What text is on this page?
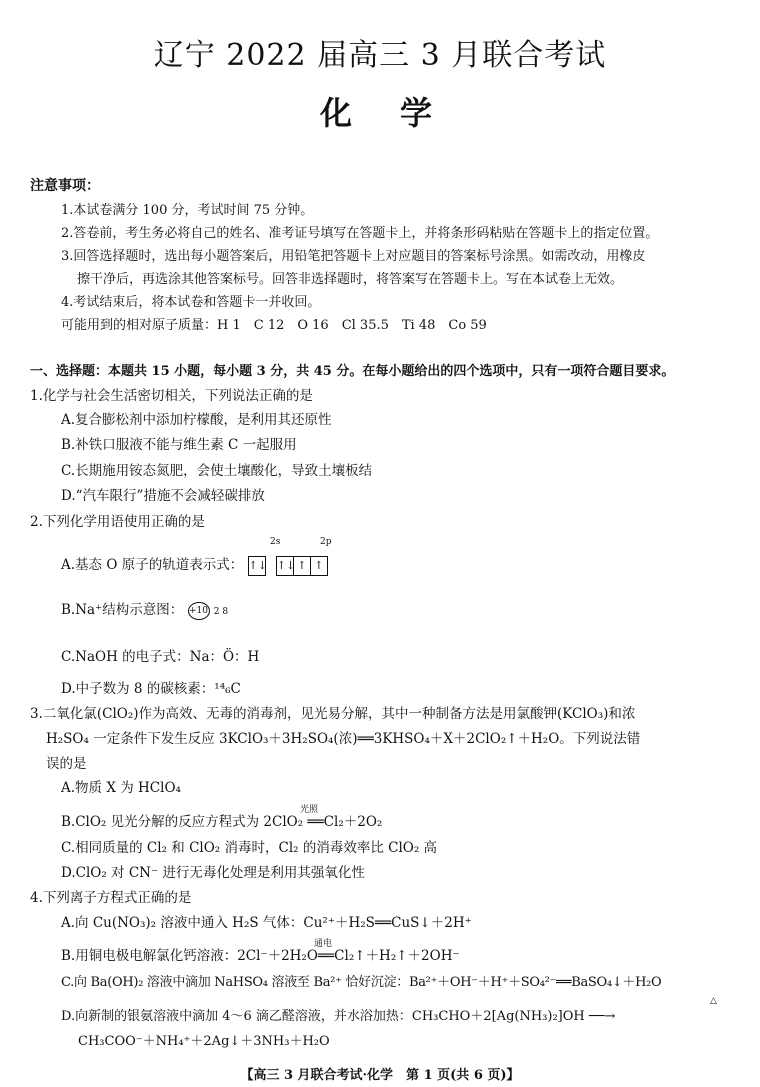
辽宁 2022 届高三 3 月联合考试
化学
注意事项：
1.本试卷满分 100 分，考试时间 75 分钟。
2.答卷前，考生务必将自己的姓名、准考证号填写在答题卡上，并将条形码粘贴在答题卡上的指定位置。
3.回答选择题时，选出每小题答案后，用铅笔把答题卡上对应题目的答案标号涂黑。如需改动，用橡皮
擦干净后，再选涂其他答案标号。回答非选择题时，将答案写在答题卡上。写在本试卷上无效。
4.考试结束后，将本试卷和答题卡一并收回。
可能用到的相对原子质量：H 1　C 12　O 16　Cl 35.5　Ti 48　Co 59
一、选择题：本题共 15 小题，每小题 3 分，共 45 分。在每小题给出的四个选项中，只有一项符合题目要求。
1.化学与社会生活密切相关，下列说法正确的是
A.复合膨松剂中添加柠檬酸，是利用其还原性
B.补铁口服液不能与维生素 C 一起服用
C.长期施用铵态氮肥，会使土壤酸化，导致土壤板结
D.“汽车限行”措施不会减轻碳排放
2.下列化学用语使用正确的是
2s	2p
A.基态 O 原子的轨道表示式： ↑↓ ↑↓ ↑ ↑
B.Na⁺结构示意图： +10 2 8
C.NaOH 的电子式：Na：Ö：H
D.中子数为 8 的碳核素：¹⁴₆C
3.二氧化氯(ClO₂)作为高效、无毒的消毒剂，见光易分解，其中一种制备方法是用氯酸钾(KClO₃)和浓
H₂SO₄ 一定条件下发生反应 3KClO₃＋3H₂SO₄(浓)══3KHSO₄＋X＋2ClO₂↑＋H₂O。下列说法错
误的是
A.物质 X 为 HClO₄
光照
B.ClO₂ 见光分解的反应方程式为 2ClO₂ ══Cl₂＋2O₂
C.相同质量的 Cl₂ 和 ClO₂ 消毒时，Cl₂ 的消毒效率比 ClO₂ 高
D.ClO₂ 对 CN⁻ 进行无毒化处理是利用其强氧化性
4.下列离子方程式正确的是
A.向 Cu(NO₃)₂ 溶液中通入 H₂S 气体：Cu²⁺＋H₂S══CuS↓＋2H⁺
通电
B.用铜电极电解氯化钙溶液：2Cl⁻＋2H₂O══Cl₂↑＋H₂↑＋2OH⁻
C.向 Ba(OH)₂ 溶液中滴加 NaHSO₄ 溶液至 Ba²⁺ 恰好沉淀：Ba²⁺＋OH⁻＋H⁺＋SO₄²⁻══BaSO₄↓＋H₂O
△
D.向新制的银氨溶液中滴加 4～6 滴乙醛溶液，并水浴加热：CH₃CHO＋2[Ag(NH₃)₂]OH ──→
CH₃COO⁻＋NH₄⁺＋2Ag↓＋3NH₃＋H₂O
【高三 3 月联合考试·化学　第 1 页(共 6 页)】
